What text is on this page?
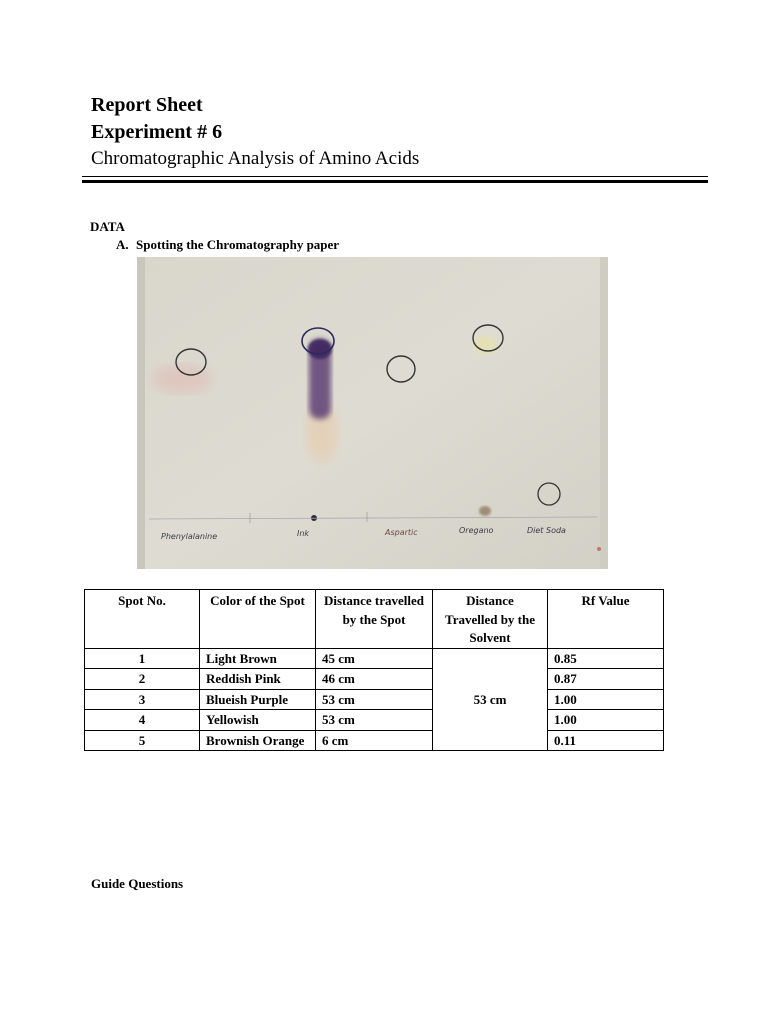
Report Sheet
Experiment # 6
Chromatographic Analysis of Amino Acids
DATA
A. Spotting the Chromatography paper
Phenylalanine	Ink	Aspartic	Oregano	Diet Soda
Spot No.	Color of the Spot	Distance travelled by the Spot	Distance Travelled by the Solvent	Rf Value
1	Light Brown	45 cm	53 cm	0.85
2	Reddish Pink	46 cm		0.87
3	Blueish Purple	53 cm		1.00
4	Yellowish	53 cm		1.00
5	Brownish Orange	6 cm		0.11
Guide Questions
